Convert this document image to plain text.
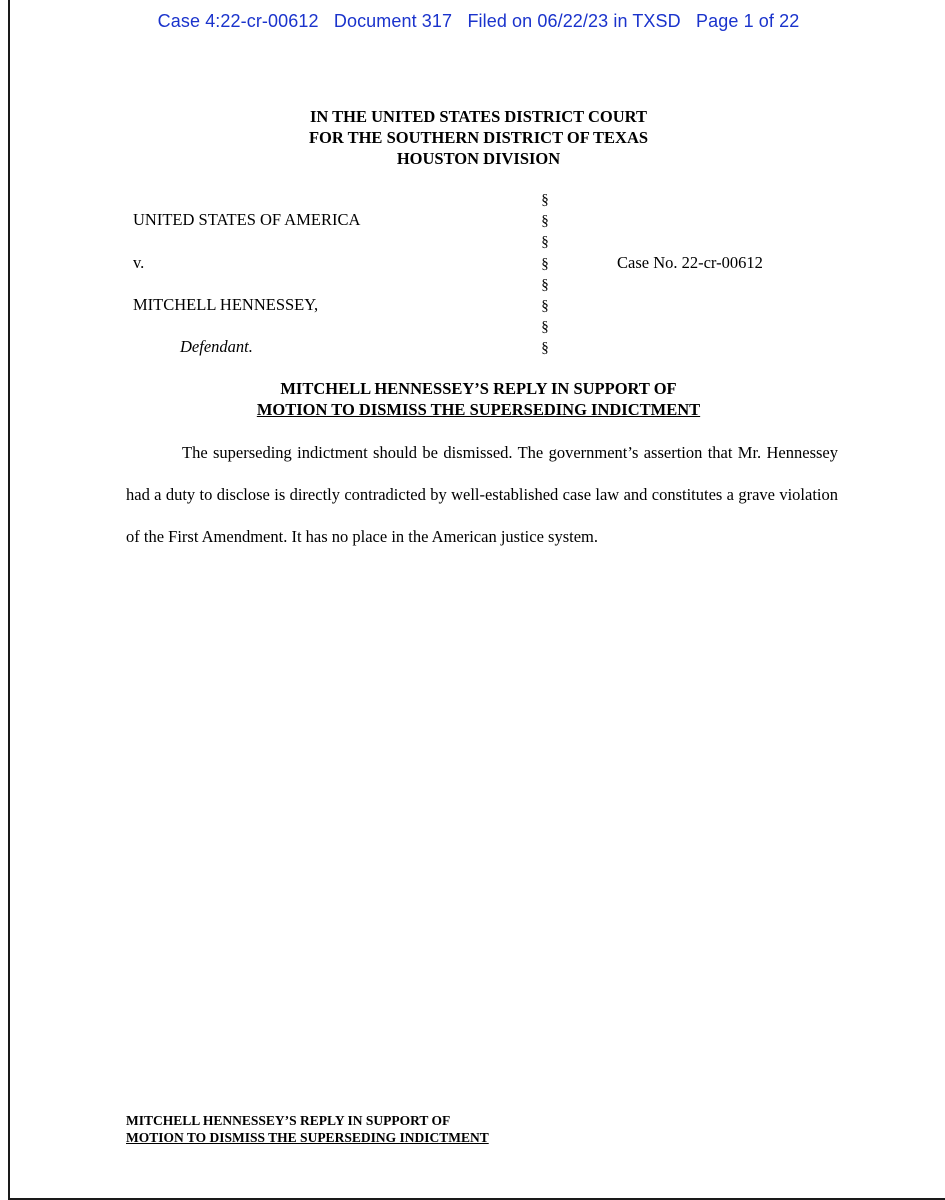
Case 4:22-cr-00612   Document 317   Filed on 06/22/23 in TXSD   Page 1 of 22
IN THE UNITED STATES DISTRICT COURT
FOR THE SOUTHERN DISTRICT OF TEXAS
HOUSTON DIVISION
UNITED STATES OF AMERICA
v.
MITCHELL HENNESSEY,
Defendant.
§
§
§
§
§
§
§
§
Case No. 22-cr-00612
MITCHELL HENNESSEY’S REPLY IN SUPPORT OF
MOTION TO DISMISS THE SUPERSEDING INDICTMENT
The superseding indictment should be dismissed. The government’s assertion that Mr. Hennessey had a duty to disclose is directly contradicted by well-established case law and constitutes a grave violation of the First Amendment. It has no place in the American justice system.
MITCHELL HENNESSEY’S REPLY IN SUPPORT OF
MOTION TO DISMISS THE SUPERSEDING INDICTMENT
